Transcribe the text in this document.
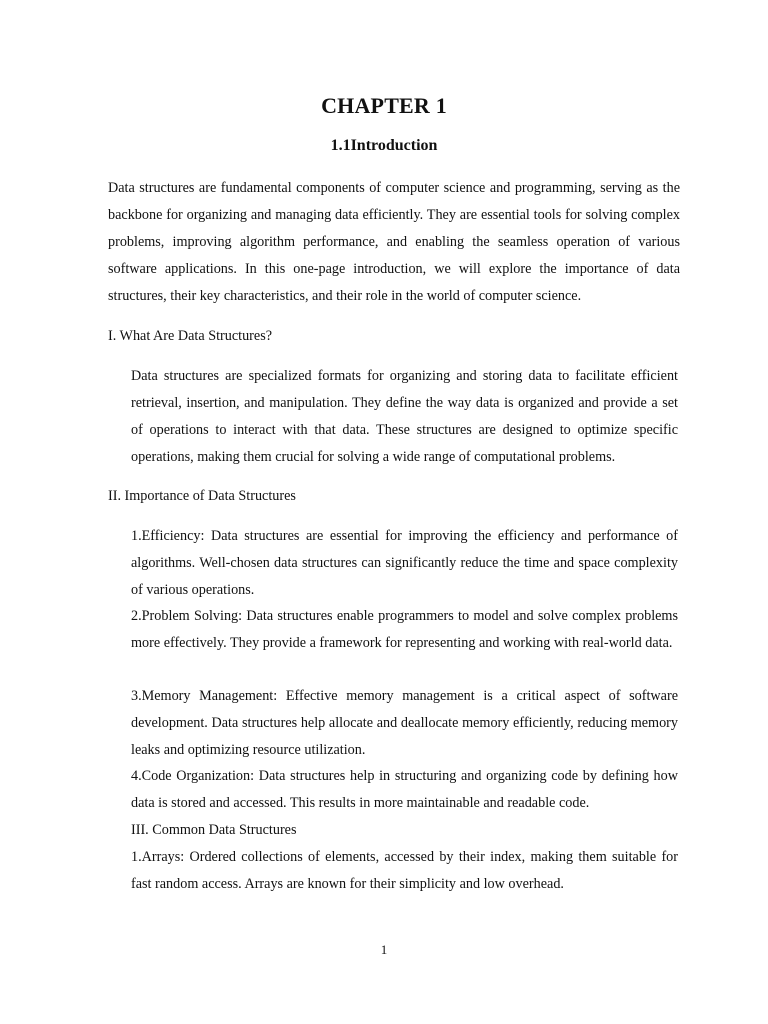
CHAPTER 1
1.1Introduction

Data structures are fundamental components of computer science and programming, serving as the backbone for organizing and managing data efficiently. They are essential tools for solving complex problems, improving algorithm performance, and enabling the seamless operation of various software applications. In this one-page introduction, we will explore the importance of data structures, their key characteristics, and their role in the world of computer science.

I. What Are Data Structures?

Data structures are specialized formats for organizing and storing data to facilitate efficient retrieval, insertion, and manipulation. They define the way data is organized and provide a set of operations to interact with that data. These structures are designed to optimize specific operations, making them crucial for solving a wide range of computational problems.

II. Importance of Data Structures

1.Efficiency: Data structures are essential for improving the efficiency and performance of algorithms. Well-chosen data structures can significantly reduce the time and space complexity of various operations.

2.Problem Solving: Data structures enable programmers to model and solve complex problems more effectively. They provide a framework for representing and working with real-world data.

3.Memory Management: Effective memory management is a critical aspect of software development. Data structures help allocate and deallocate memory efficiently, reducing memory leaks and optimizing resource utilization.

4.Code Organization: Data structures help in structuring and organizing code by defining how data is stored and accessed. This results in more maintainable and readable code.

III. Common Data Structures

1.Arrays: Ordered collections of elements, accessed by their index, making them suitable for fast random access. Arrays are known for their simplicity and low overhead.

1
